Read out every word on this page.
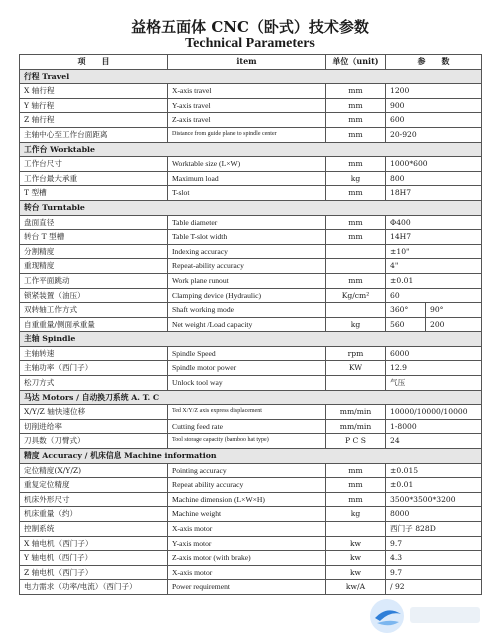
益格五面体 CNC（卧式）技术参数
Technical Parameters
项　　目	item	单位（unit)	参　　数	
行程 Travel				
X 轴行程	X-axis travel	mm	1200	
Y 轴行程	Y-axis travel	mm	900	
Z 轴行程	Z-axis travel	mm	600	
主轴中心至工作台面距离	Distance from guide plane to spindle center	mm	20-920	
工作台 Worktable				
工作台尺寸	Worktable size (L×W)	mm	1000*600	
工作台最大承重	Maximum load	kg	800	
T 型槽	T-slot	mm	18H7	
转台 Turntable				
盘面直径	Table diameter	mm	Φ400	
转台 T 型槽	Table T-slot width	mm	14H7	
分割精度	Indexing accuracy		±10"	
重现精度	Repeat-ability accuracy		4"	
工作平面跳动	Work plane runout	mm	±0.01	
锁紧装置（油压）	Clamping device (Hydraulic)	Kg/cm²	60	
双转轴工作方式	Shaft working mode		360°	90°
自重重量/侧面承重量	Net weight /Load capacity	kg	560	200
主轴 Spindle				
主轴转速	Spindle Speed	rpm	6000	
主轴功率（西门子）	Spindle motor power	KW	12.9	
松刀方式	Unlock tool way		气压	
马达 Motors / 自动换刀系统 A. T. C				
X/Y/Z 轴快速位移	Ted X/Y/Z axis express displacement	mm/min	10000/10000/10000	
切削进给率	Cutting feed rate	mm/min	1-8000	
刀具数（刀臂式）	Tool storage capacity (bamboo hat type)	P C S	24	
精度 Accuracy / 机床信息 Machine information				
定位精度(X/Y/Z)	Pointing accuracy	mm	±0.015	
重复定位精度	Repeat ability accuracy	mm	±0.01	
机床外形尺寸	Machine dimension (L×W×H)	mm	3500*3500*3200	
机床重量（约）	Machine weight	kg	8000	
控制系统	X-axis motor		西门子 828D	
X 轴电机（西门子）	Y-axis motor	kw	9.7	
Y 轴电机（西门子）	Z-axis motor (with brake)	kw	4.3	
Z 轴电机（西门子）	X-axis motor	kw	9.7	
电力需求（功率/电流）（西门子）	Power requirement	kw/A	/ 92	
